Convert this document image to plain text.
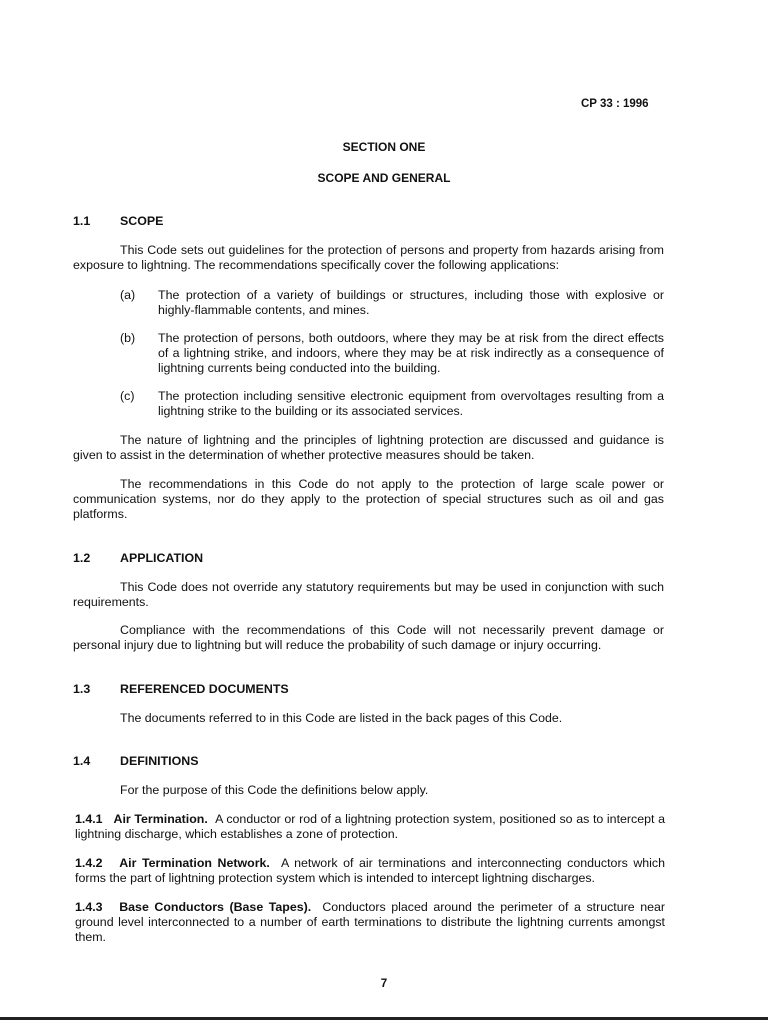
CP 33 : 1996
SECTION ONE
SCOPE AND GENERAL
1.1 SCOPE

This Code sets out guidelines for the protection of persons and property from hazards arising from exposure to lightning. The recommendations specifically cover the following applications:

(a) The protection of a variety of buildings or structures, including those with explosive or highly-flammable contents, and mines.

(b) The protection of persons, both outdoors, where they may be at risk from the direct effects of a lightning strike, and indoors, where they may be at risk indirectly as a consequence of lightning currents being conducted into the building.

(c) The protection including sensitive electronic equipment from overvoltages resulting from a lightning strike to the building or its associated services.

The nature of lightning and the principles of lightning protection are discussed and guidance is given to assist in the determination of whether protective measures should be taken.

The recommendations in this Code do not apply to the protection of large scale power or communication systems, nor do they apply to the protection of special structures such as oil and gas platforms.

1.2 APPLICATION

This Code does not override any statutory requirements but may be used in conjunction with such requirements.

Compliance with the recommendations of this Code will not necessarily prevent damage or personal injury due to lightning but will reduce the probability of such damage or injury occurring.

1.3 REFERENCED DOCUMENTS

The documents referred to in this Code are listed in the back pages of this Code.

1.4 DEFINITIONS

For the purpose of this Code the definitions below apply.

1.4.1 Air Termination. A conductor or rod of a lightning protection system, positioned so as to intercept a lightning discharge, which establishes a zone of protection.

1.4.2 Air Termination Network. A network of air terminations and interconnecting conductors which forms the part of lightning protection system which is intended to intercept lightning discharges.

1.4.3 Base Conductors (Base Tapes). Conductors placed around the perimeter of a structure near ground level interconnected to a number of earth terminations to distribute the lightning currents amongst them.

7
